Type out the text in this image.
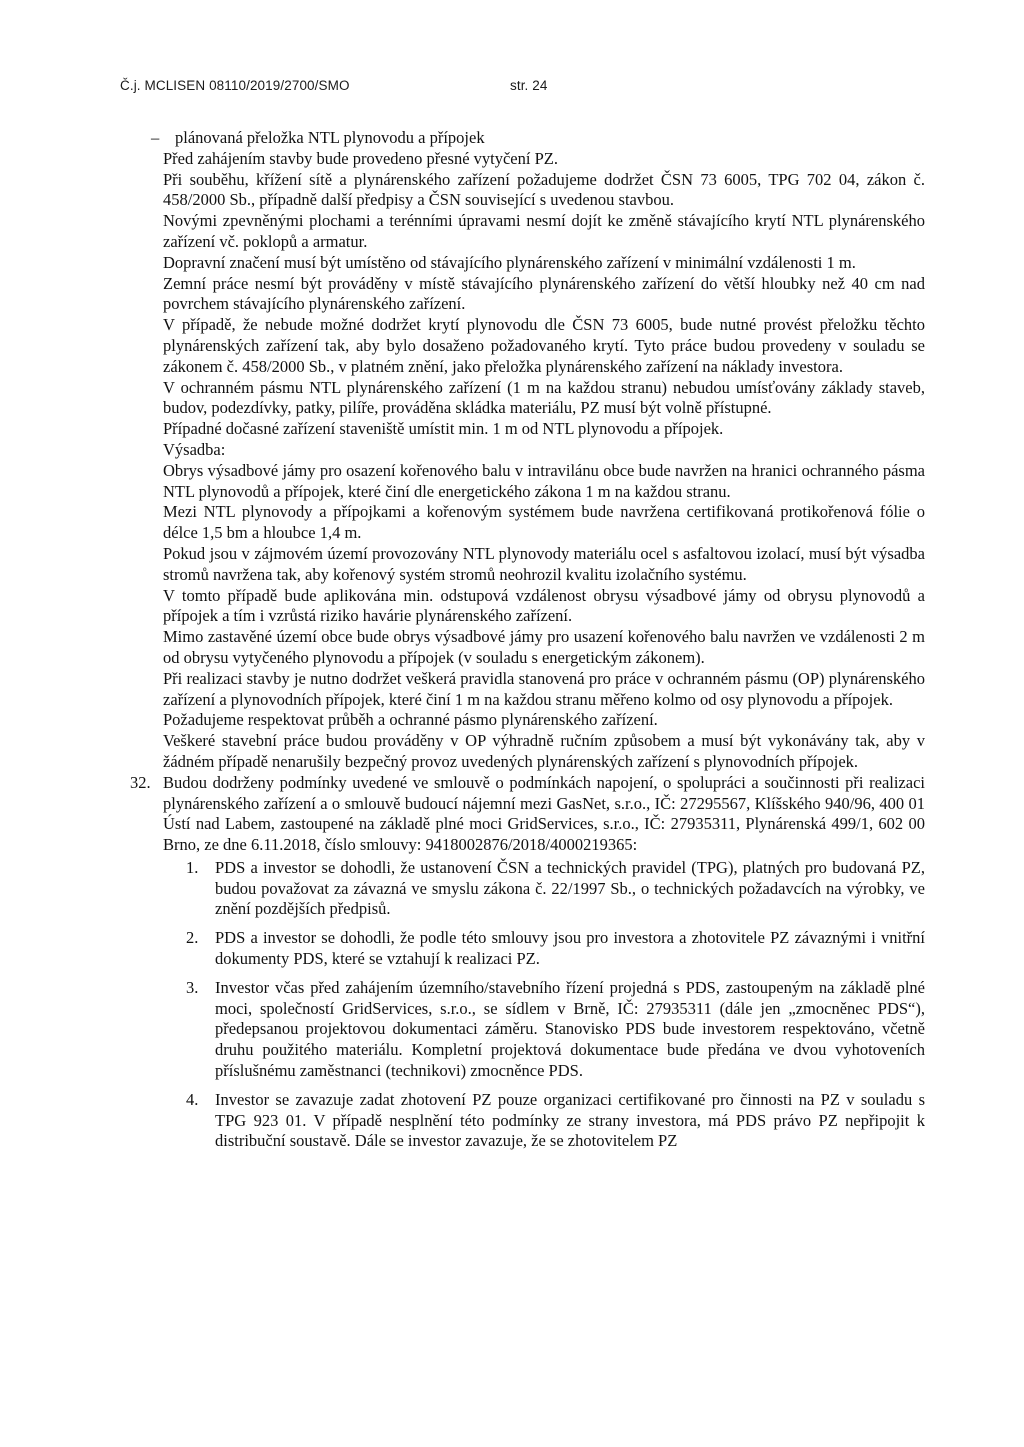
Č.j. MCLISEN 08110/2019/2700/SMO	str. 24

– plánovaná přeložka NTL plynovodu a přípojek

Před zahájením stavby bude provedeno přesné vytyčení PZ.

Při souběhu, křížení sítě a plynárenského zařízení požadujeme dodržet ČSN 73 6005, TPG 702 04, zákon č. 458/2000 Sb., případně další předpisy a ČSN související s uvedenou stavbou.

Novými zpevněnými plochami a terénními úpravami nesmí dojít ke změně stávajícího krytí NTL plynárenského zařízení vč. poklopů a armatur.

Dopravní značení musí být umístěno od stávajícího plynárenského zařízení v minimální vzdálenosti 1 m.

Zemní práce nesmí být prováděny v místě stávajícího plynárenského zařízení do větší hloubky než 40 cm nad povrchem stávajícího plynárenského zařízení.

V případě, že nebude možné dodržet krytí plynovodu dle ČSN 73 6005, bude nutné provést přeložku těchto plynárenských zařízení tak, aby bylo dosaženo požadovaného krytí. Tyto práce budou provedeny v souladu se zákonem č. 458/2000 Sb., v platném znění, jako přeložka plynárenského zařízení na náklady investora.

V ochranném pásmu NTL plynárenského zařízení (1 m na každou stranu) nebudou umísťovány základy staveb, budov, podezdívky, patky, pilíře, prováděna skládka materiálu, PZ musí být volně přístupné.

Případné dočasné zařízení staveniště umístit min. 1 m od NTL plynovodu a přípojek.

Výsadba:

Obrys výsadbové jámy pro osazení kořenového balu v intravilánu obce bude navržen na hranici ochranného pásma NTL plynovodů a přípojek, které činí dle energetického zákona 1 m na každou stranu.

Mezi NTL plynovody a přípojkami a kořenovým systémem bude navržena certifikovaná protikořenová fólie o délce 1,5 bm a hloubce 1,4 m.

Pokud jsou v zájmovém území provozovány NTL plynovody materiálu ocel s asfaltovou izolací, musí být výsadba stromů navržena tak, aby kořenový systém stromů neohrozil kvalitu izolačního systému.

V tomto případě bude aplikována min. odstupová vzdálenost obrysu výsadbové jámy od obrysu plynovodů a přípojek a tím i vzrůstá riziko havárie plynárenského zařízení.

Mimo zastavěné území obce bude obrys výsadbové jámy pro usazení kořenového balu navržen ve vzdálenosti 2 m od obrysu vytyčeného plynovodu a přípojek (v souladu s energetickým zákonem).

Při realizaci stavby je nutno dodržet veškerá pravidla stanovená pro práce v ochranném pásmu (OP) plynárenského zařízení a plynovodních přípojek, které činí 1 m na každou stranu měřeno kolmo od osy plynovodu a přípojek.

Požadujeme respektovat průběh a ochranné pásmo plynárenského zařízení.

Veškeré stavební práce budou prováděny v OP výhradně ručním způsobem a musí být vykonávány tak, aby v žádném případě nenarušily bezpečný provoz uvedených plynárenských zařízení s plynovodních přípojek.

32. Budou dodrženy podmínky uvedené ve smlouvě o podmínkách napojení, o spolupráci a součinnosti při realizaci plynárenského zařízení a o smlouvě budoucí nájemní mezi GasNet, s.r.o., IČ: 27295567, Klíšského 940/96, 400 01 Ústí nad Labem, zastoupené na základě plné moci GridServices, s.r.o., IČ: 27935311, Plynárenská 499/1, 602 00 Brno, ze dne 6.11.2018, číslo smlouvy: 9418002876/2018/4000219365:

1. PDS a investor se dohodli, že ustanovení ČSN a technických pravidel (TPG), platných pro budovaná PZ, budou považovat za závazná ve smyslu zákona č. 22/1997 Sb., o technických požadavcích na výrobky, ve znění pozdějších předpisů.

2. PDS a investor se dohodli, že podle této smlouvy jsou pro investora a zhotovitele PZ závaznými i vnitřní dokumenty PDS, které se vztahují k realizaci PZ.

3. Investor včas před zahájením územního/stavebního řízení projedná s PDS, zastoupeným na základě plné moci, společností GridServices, s.r.o., se sídlem v Brně, IČ: 27935311 (dále jen „zmocněnec PDS“), předepsanou projektovou dokumentaci záměru. Stanovisko PDS bude investorem respektováno, včetně druhu použitého materiálu. Kompletní projektová dokumentace bude předána ve dvou vyhotoveních příslušnému zaměstnanci (technikovi) zmocněnce PDS.

4. Investor se zavazuje zadat zhotovení PZ pouze organizaci certifikované pro činnosti na PZ v souladu s TPG 923 01. V případě nesplnění této podmínky ze strany investora, má PDS právo PZ nepřipojit k distribuční soustavě. Dále se investor zavazuje, že se zhotovitelem PZ
